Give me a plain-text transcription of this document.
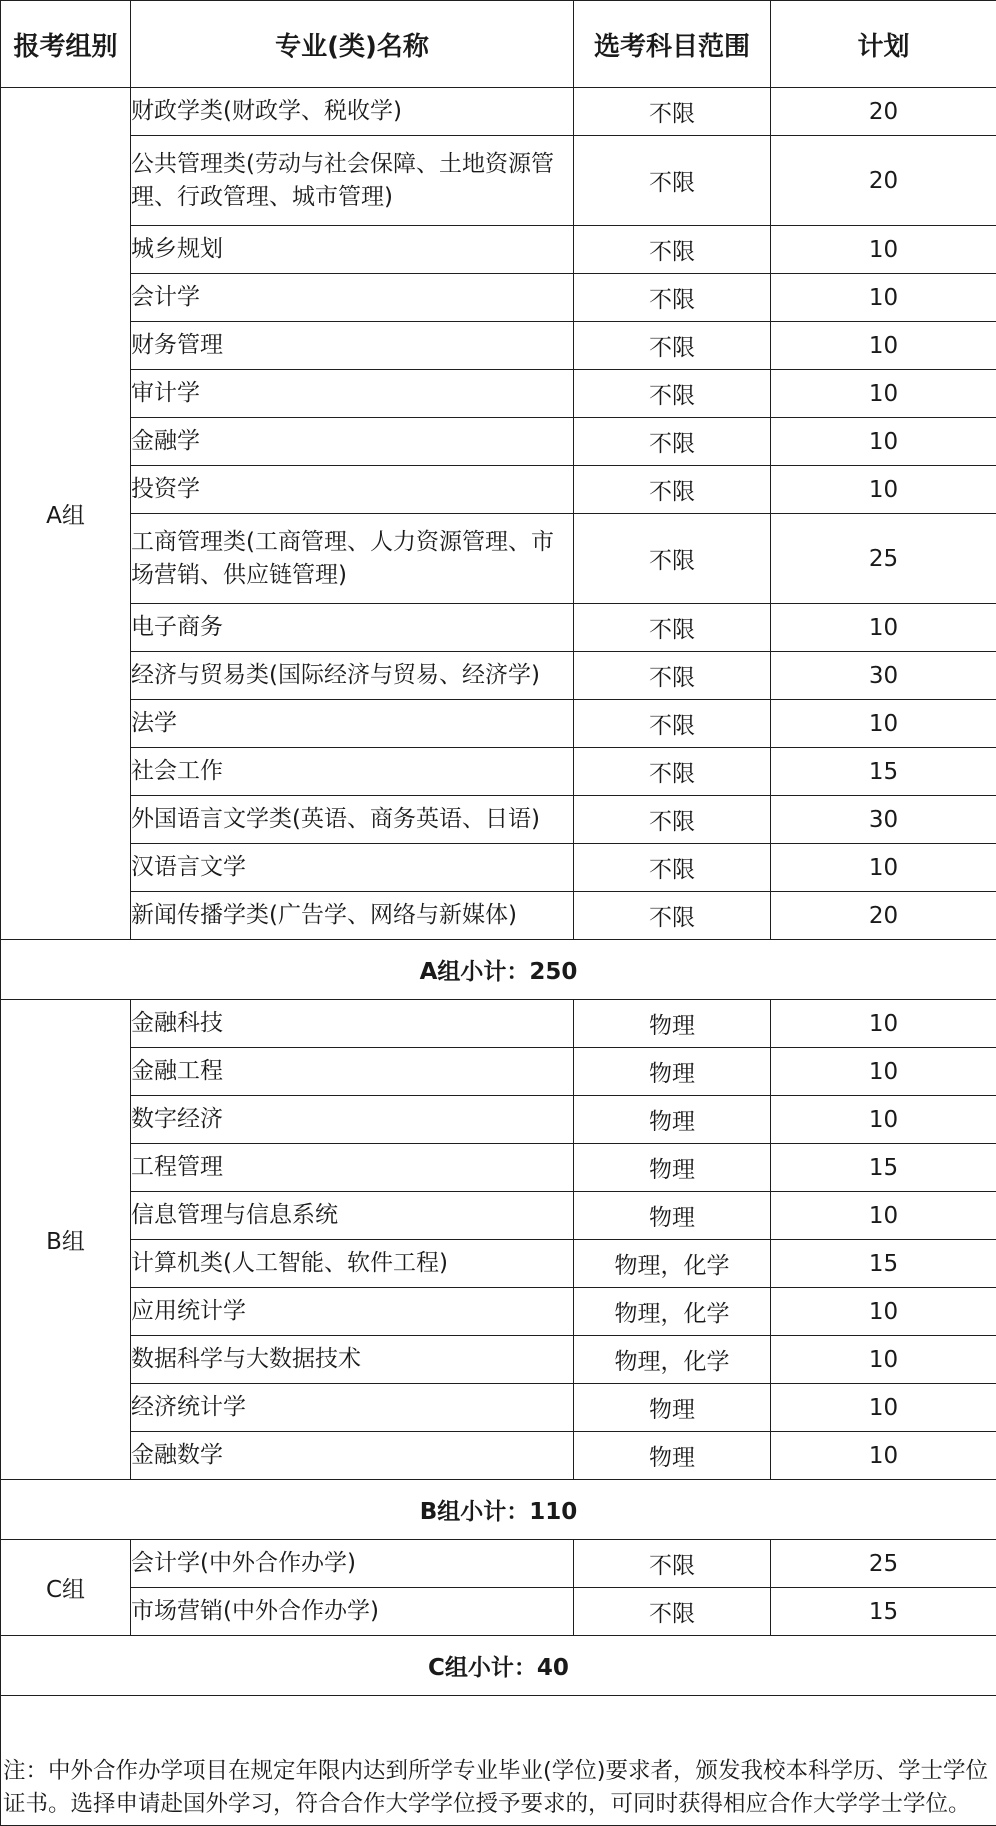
报考组别	专业(类)名称	选考科目范围	计划
A组	财政学类(财政学、税收学)	不限	20
	公共管理类(劳动与社会保障、土地资源管理、行政管理、城市管理)	不限	20
	城乡规划	不限	10
	会计学	不限	10
	财务管理	不限	10
	审计学	不限	10
	金融学	不限	10
	投资学	不限	10
	工商管理类(工商管理、人力资源管理、市场营销、供应链管理)	不限	25
	电子商务	不限	10
	经济与贸易类(国际经济与贸易、经济学)	不限	30
	法学	不限	10
	社会工作	不限	15
	外国语言文学类(英语、商务英语、日语)	不限	30
	汉语言文学	不限	10
	新闻传播学类(广告学、网络与新媒体)	不限	20
A组小计：250			
B组	金融科技	物理	10
	金融工程	物理	10
	数字经济	物理	10
	工程管理	物理	15
	信息管理与信息系统	物理	10
	计算机类(人工智能、软件工程)	物理，化学	15
	应用统计学	物理，化学	10
	数据科学与大数据技术	物理，化学	10
	经济统计学	物理	10
	金融数学	物理	10
B组小计：110			
C组	会计学(中外合作办学)	不限	25
	市场营销(中外合作办学)	不限	15
C组小计：40			
注：中外合作办学项目在规定年限内达到所学专业毕业(学位)要求者，颁发我校本科学历、学士学位证书。选择申请赴国外学习，符合合作大学学位授予要求的，可同时获得相应合作大学学士学位。			
